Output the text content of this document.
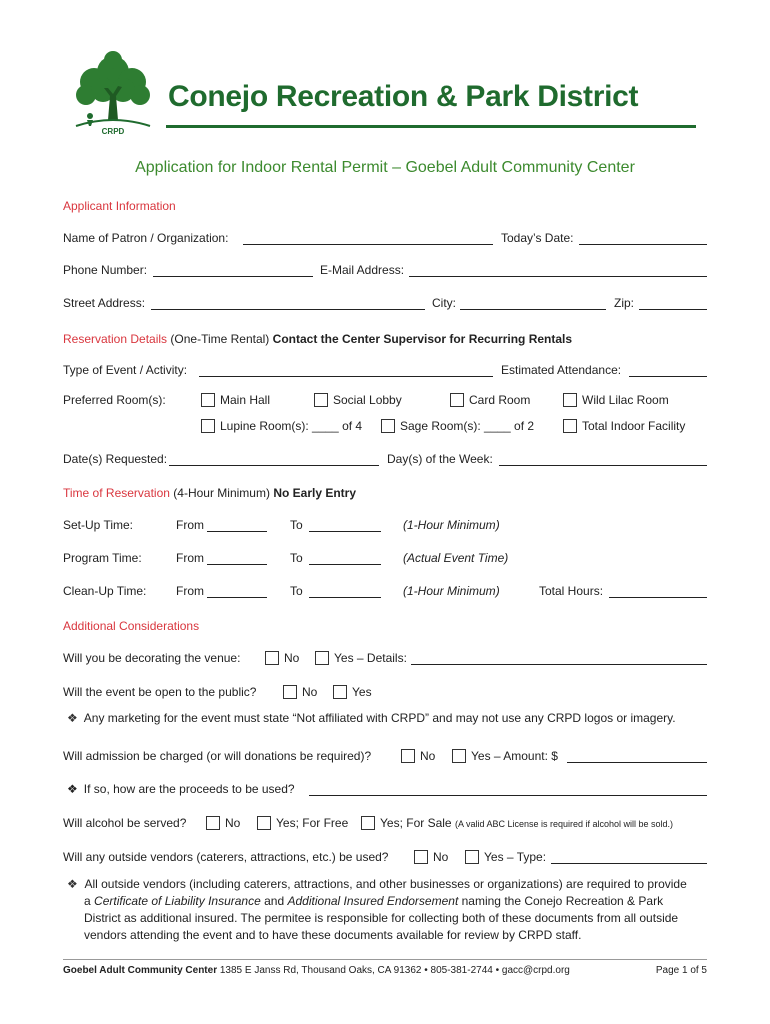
CRPD
Conejo Recreation & Park District
Application for Indoor Rental Permit – Goebel Adult Community Center
Applicant Information
Name of Patron / Organization:	Today’s Date:
Phone Number:	E-Mail Address:
Street Address:	City:	Zip:
Reservation Details (One-Time Rental) Contact the Center Supervisor for Recurring Rentals
Type of Event / Activity:	Estimated Attendance:
Preferred Room(s):	Main Hall	Social Lobby	Card Room	Wild Lilac Room
Lupine Room(s): ____ of 4	Sage Room(s): ____ of 2	Total Indoor Facility
Date(s) Requested:	Day(s) of the Week:
Time of Reservation (4-Hour Minimum) No Early Entry
Set-Up Time:	From	To	(1-Hour Minimum)
Program Time:	From	To	(Actual Event Time)
Clean-Up Time: From	To	(1-Hour Minimum)	Total Hours:
Additional Considerations
Will you be decorating the venue:	No	Yes – Details:
Will the event be open to the public?	No	Yes
❖ Any marketing for the event must state “Not affiliated with CRPD” and may not use any CRPD logos or imagery.
Will admission be charged (or will donations be required)?	No	Yes – Amount: $
❖ If so, how are the proceeds to be used?
Will alcohol be served?	No	Yes; For Free	Yes; For Sale (A valid ABC License is required if alcohol will be sold.)
Will any outside vendors (caterers, attractions, etc.) be used?	No	Yes – Type:
❖ All outside vendors (including caterers, attractions, and other businesses or organizations) are required to provide
a Certificate of Liability Insurance and Additional Insured Endorsement naming the Conejo Recreation & Park
District as additional insured. The permitee is responsible for collecting both of these documents from all outside
vendors attending the event and to have these documents available for review by CRPD staff.
Goebel Adult Community Center 1385 E Janss Rd, Thousand Oaks, CA 91362 • 805-381-2744 • gacc@crpd.org	Page 1 of 5
